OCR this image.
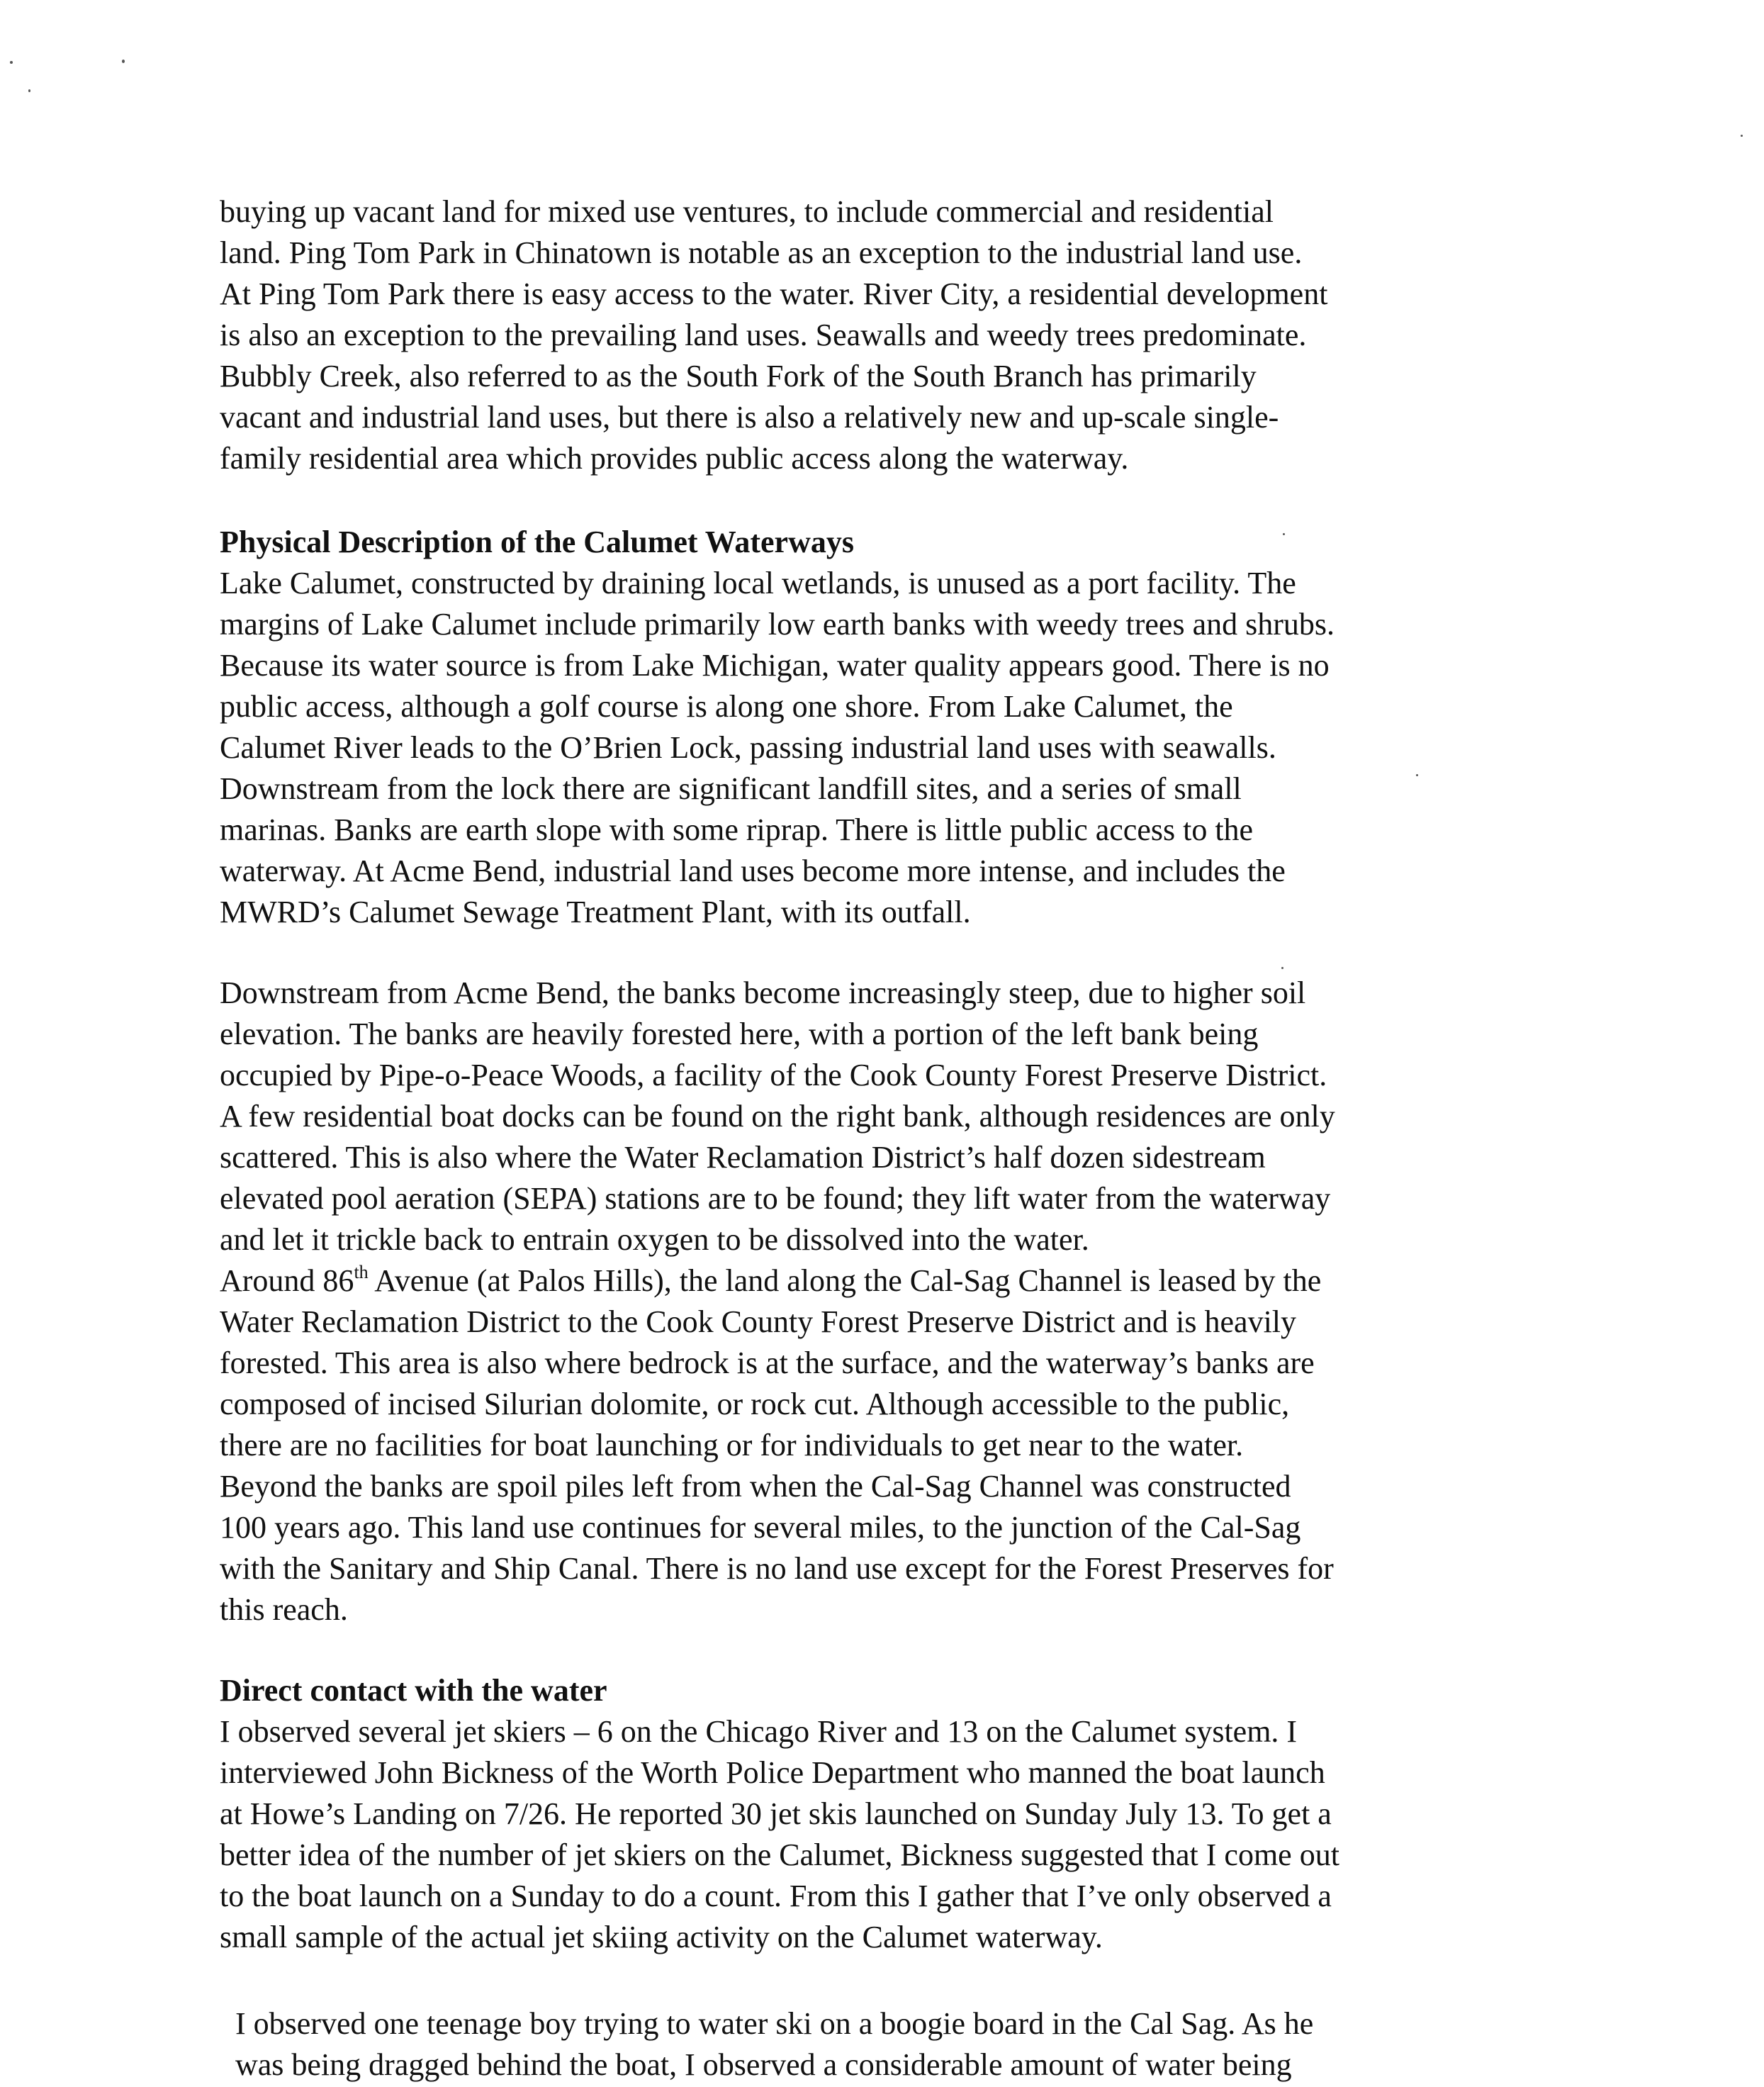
buying up vacant land for mixed use ventures, to include commercial and residential
land. Ping Tom Park in Chinatown is notable as an exception to the industrial land use.
At Ping Tom Park there is easy access to the water. River City, a residential development
is also an exception to the prevailing land uses. Seawalls and weedy trees predominate.
Bubbly Creek, also referred to as the South Fork of the South Branch has primarily
vacant and industrial land uses, but there is also a relatively new and up-scale single-
family residential area which provides public access along the waterway.
Physical Description of the Calumet Waterways
Lake Calumet, constructed by draining local wetlands, is unused as a port facility. The
margins of Lake Calumet include primarily low earth banks with weedy trees and shrubs.
Because its water source is from Lake Michigan, water quality appears good. There is no
public access, although a golf course is along one shore. From Lake Calumet, the
Calumet River leads to the O’Brien Lock, passing industrial land uses with seawalls.
Downstream from the lock there are significant landfill sites, and a series of small
marinas. Banks are earth slope with some riprap. There is little public access to the
waterway. At Acme Bend, industrial land uses become more intense, and includes the
MWRD’s Calumet Sewage Treatment Plant, with its outfall.
Downstream from Acme Bend, the banks become increasingly steep, due to higher soil
elevation. The banks are heavily forested here, with a portion of the left bank being
occupied by Pipe-o-Peace Woods, a facility of the Cook County Forest Preserve District.
A few residential boat docks can be found on the right bank, although residences are only
scattered. This is also where the Water Reclamation District’s half dozen sidestream
elevated pool aeration (SEPA) stations are to be found; they lift water from the waterway
and let it trickle back to entrain oxygen to be dissolved into the water.
Around 86th Avenue (at Palos Hills), the land along the Cal-Sag Channel is leased by the
Water Reclamation District to the Cook County Forest Preserve District and is heavily
forested. This area is also where bedrock is at the surface, and the waterway’s banks are
composed of incised Silurian dolomite, or rock cut. Although accessible to the public,
there are no facilities for boat launching or for individuals to get near to the water.
Beyond the banks are spoil piles left from when the Cal-Sag Channel was constructed
100 years ago. This land use continues for several miles, to the junction of the Cal-Sag
with the Sanitary and Ship Canal. There is no land use except for the Forest Preserves for
this reach.
Direct contact with the water
I observed several jet skiers – 6 on the Chicago River and 13 on the Calumet system. I
interviewed John Bickness of the Worth Police Department who manned the boat launch
at Howe’s Landing on 7/26. He reported 30 jet skis launched on Sunday July 13. To get a
better idea of the number of jet skiers on the Calumet, Bickness suggested that I come out
to the boat launch on a Sunday to do a count. From this I gather that I’ve only observed a
small sample of the actual jet skiing activity on the Calumet waterway.
I observed one teenage boy trying to water ski on a boogie board in the Cal Sag. As he
was being dragged behind the boat, I observed a considerable amount of water being
